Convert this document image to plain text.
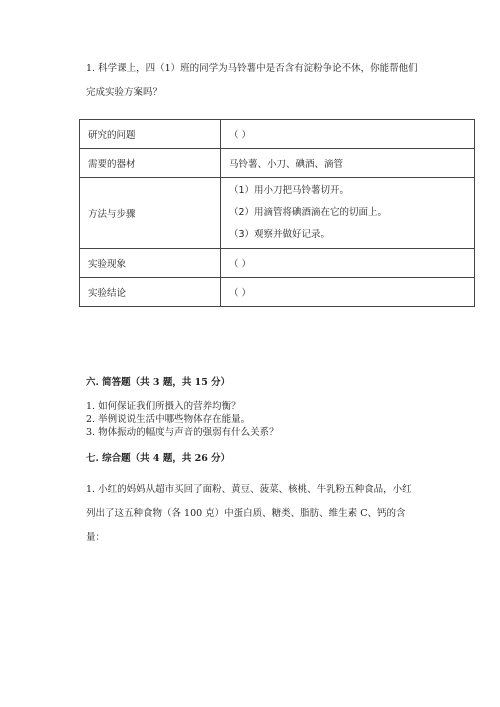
1. 科学课上，四（1）班的同学为马铃薯中是否含有淀粉争论不休，你能帮他们

完成实验方案吗？

研究的问题	（ ）
需要的器材	马铃薯、小刀、碘酒、滴管
方法与步骤	（1）用小刀把马铃薯切开。
（2）用滴管将碘酒滴在它的切面上。
（3）观察并做好记录。

实验现象	（ ）
实验结论	（ ）
六. 简答题（共 3 题，共 15 分）
1. 如何保证我们所摄入的营养均衡？
2. 举例说说生活中哪些物体存在能量。
3. 物体振动的幅度与声音的强弱有什么关系？
七. 综合题（共 4 题，共 26 分）

1. 小红的妈妈从超市买回了面粉、黄豆、菠菜、核桃、牛乳粉五种食品，小红

列出了这五种食物（各 100 克）中蛋白质、糖类、脂肪、维生素 C、钙的含

量：
